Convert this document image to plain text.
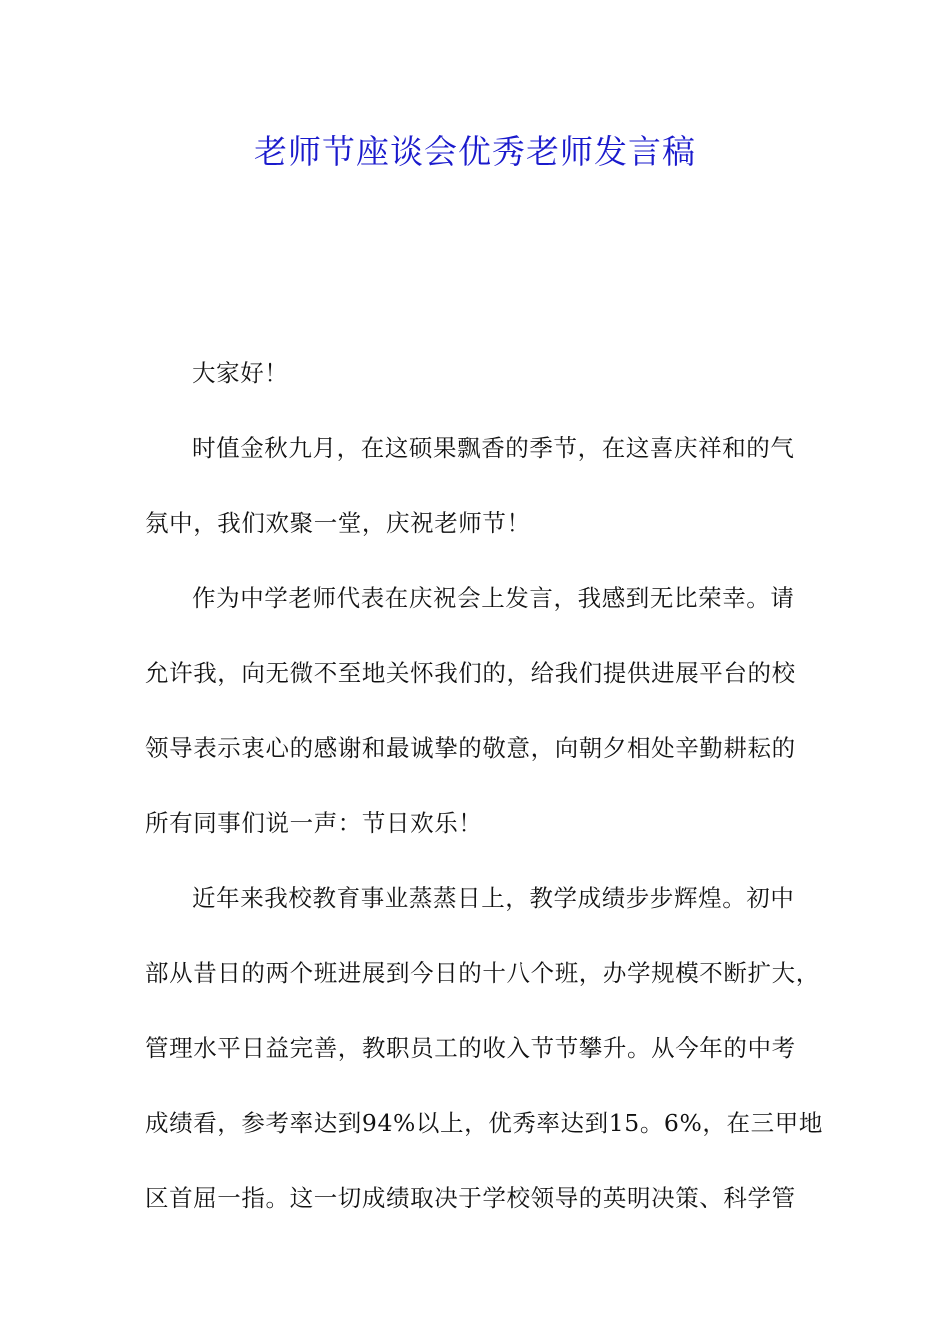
老师节座谈会优秀老师发言稿
大家好！
时值金秋九月，在这硕果飘香的季节，在这喜庆祥和的气
氛中，我们欢聚一堂，庆祝老师节！
作为中学老师代表在庆祝会上发言，我感到无比荣幸。请
允许我，向无微不至地关怀我们的，给我们提供进展平台的校
领导表示衷心的感谢和最诚挚的敬意，向朝夕相处辛勤耕耘的
所有同事们说一声：节日欢乐！
近年来我校教育事业蒸蒸日上，教学成绩步步辉煌。初中
部从昔日的两个班进展到今日的十八个班，办学规模不断扩大，
管理水平日益完善，教职员工的收入节节攀升。从今年的中考
成绩看，参考率达到94%以上，优秀率达到15。6%，在三甲地
区首屈一指。这一切成绩取决于学校领导的英明决策、科学管
